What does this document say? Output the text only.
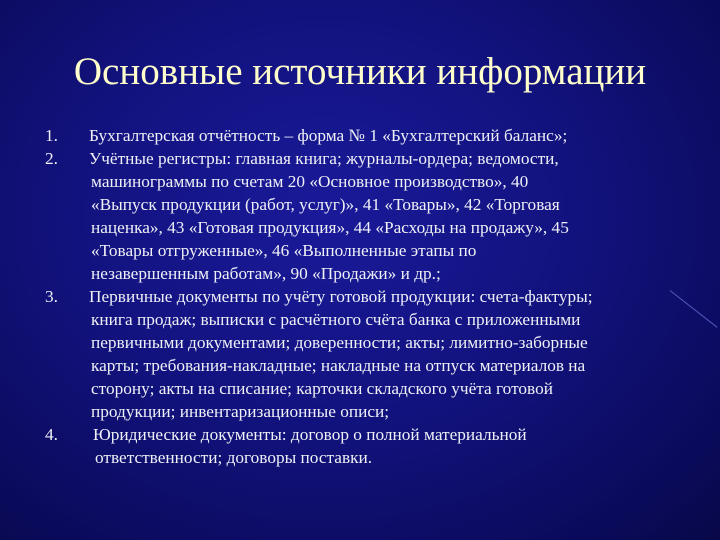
Основные источники информации
1. Бухгалтерская отчётность – форма № 1 «Бухгалтерский баланс»;
2. Учётные регистры: главная книга; журналы-ордера; ведомости,
машинограммы по счетам 20 «Основное производство», 40
«Выпуск продукции (работ, услуг)», 41 «Товары», 42 «Торговая
наценка», 43 «Готовая продукция», 44 «Расходы на продажу», 45
«Товары отгруженные», 46 «Выполненные этапы по
незавершенным работам», 90 «Продажи» и др.;
3. Первичные документы по учёту готовой продукции: счета-фактуры;
книга продаж; выписки с расчётного счёта банка с приложенными
первичными документами; доверенности; акты; лимитно-заборные
карты; требования-накладные; накладные на отпуск материалов на
сторону; акты на списание; карточки складского учёта готовой
продукции; инвентаризационные описи;
4. Юридические документы: договор о полной материальной
ответственности; договоры поставки.
